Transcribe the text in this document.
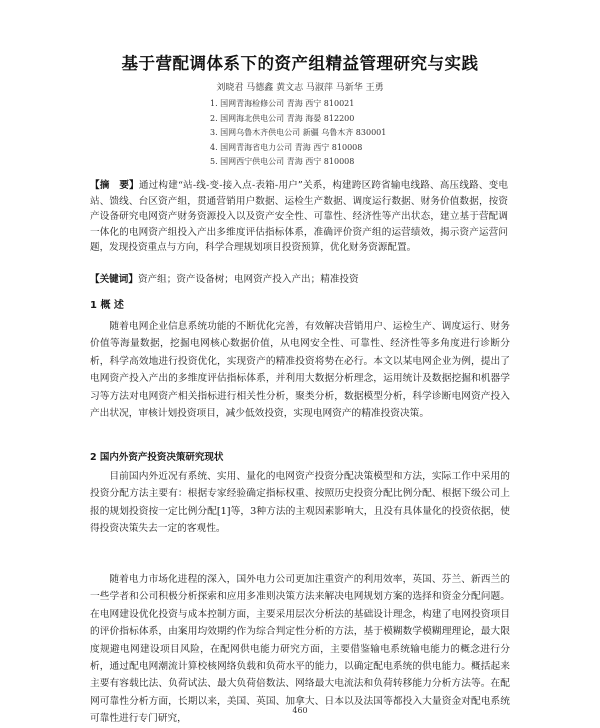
基于营配调体系下的资产组精益管理研究与实践
刘晓君 马德鑫 黄文志 马淑萍 马新华 王勇
1. 国网青海检修公司 青海 西宁 810021
2. 国网海北供电公司 青海 海晏 812200
3. 国网乌鲁木齐供电公司 新疆 乌鲁木齐 830001
4. 国网青海省电力公司 青海 西宁 810008
5. 国网西宁供电公司 青海 西宁 810008
【摘　要】通过构建“站-线-变-接入点-表箱-用户”关系，构建跨区跨省输电线路、高压线路、变电站、馈线、台区资产组，贯通营销用户数据、运检生产数据、调度运行数据、财务价值数据，按资产设备研究电网资产财务资源投入以及资产安全性、可靠性、经济性等产出状态，建立基于营配调一体化的电网资产组投入产出多维度评估指标体系，准确评价资产组的运营绩效，揭示资产运营问题，发现投资重点与方向，科学合理规划项目投资预算，优化财务资源配置。
【关键词】资产组；资产设备树；电网资产投入产出；精准投资
1 概 述
随着电网企业信息系统功能的不断优化完善，有效解决营销用户、运检生产、调度运行、财务价值等海量数据，挖掘电网核心数据价值，从电网安全性、可靠性、经济性等多角度进行诊断分析，科学高效地进行投资优化，实现资产的精准投资将势在必行。本文以某电网企业为例，提出了电网资产投入产出的多维度评估指标体系，并利用大数据分析理念，运用统计及数据挖掘和机器学习等方法对电网资产相关指标进行相关性分析，聚类分析，数据模型分析，科学诊断电网资产投入产出状况，审核计划投资项目，减少低效投资，实现电网资产的精准投资决策。
2 国内外资产投资决策研究现状
目前国内外近况有系统、实用、量化的电网资产投资分配决策模型和方法，实际工作中采用的投资分配方法主要有：根据专家经验确定指标权重、按照历史投资分配比例分配、根据下级公司上报的规划投资按一定比例分配[1]等，3种方法的主观因素影响大，且没有具体量化的投资依据，使得投资决策失去一定的客观性。
随着电力市场化进程的深入，国外电力公司更加注重资产的利用效率，英国、芬兰、新西兰的一些学者和公司积极分析探索和应用多准则决策方法来解决电网规划方案的选择和资金分配问题。在电网建设优化投资与成本控制方面，主要采用层次分析法的基础设计理念，构建了电网投资项目的评价指标体系，由案用均效期约作为综合判定性分析的方法，基于模糊数学模糊理理论，最大限度规避电网建设项目风险，在配网供电能力研究方面，主要借鉴输电系统输电能力的概念进行分析，通过配电网潮流计算校核网络负载和负荷水平的能力，以确定配电系统的供电能力。概括起来主要有容载比法、负荷试法、最大负荷倍数法、网络最大电流法和负荷转移能力分析方法等。在配网可靠性分析方面，长期以来，美国、英国、加拿大、日本以及法国等都投入大量资金对配电系统可靠性进行专门研究，
460
